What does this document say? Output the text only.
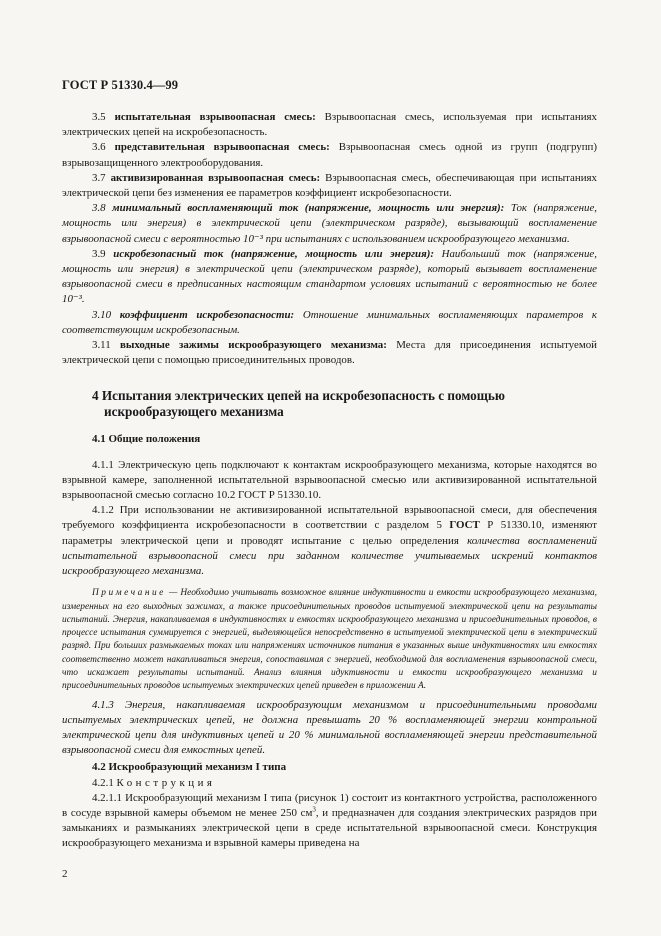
ГОСТ Р 51330.4—99

3.5 испытательная взрывоопасная смесь: Взрывоопасная смесь, используемая при испытаниях электрических цепей на искробезопасность.

3.6 представительная взрывоопасная смесь: Взрывоопасная смесь одной из групп (подгрупп) взрывозащищенного электрооборудования.

3.7 активизированная взрывоопасная смесь: Взрывоопасная смесь, обеспечивающая при испытаниях электрической цепи без изменения ее параметров коэффициент искробезопасности.

3.8 минимальный воспламеняющий ток (напряжение, мощность или энергия): Ток (напряжение, мощность или энергия) в электрической цепи (электрическом разряде), вызывающий воспламенение взрывоопасной смеси с вероятностью 10⁻³ при испытаниях с использованием искрообразующего механизма.

3.9 искробезопасный ток (напряжение, мощность или энергия): Наибольший ток (напряжение, мощность или энергия) в электрической цепи (электрическом разряде), который вызывает воспламенение взрывоопасной смеси в предписанных настоящим стандартом условиях испытаний с вероятностью не более 10⁻³.

3.10 коэффициент искробезопасности: Отношение минимальных воспламеняющих параметров к соответствующим искробезопасным.

3.11 выходные зажимы искрообразующего механизма: Места для присоединения испытуемой электрической цепи с помощью присоединительных проводов.

4 Испытания электрических цепей на искробезопасность с помощью
искрообразующего механизма
4.1 Общие положения

4.1.1 Электрическую цепь подключают к контактам искрообразующего механизма, которые находятся во взрывной камере, заполненной испытательной взрывоопасной смесью или активизированной испытательной взрывоопасной смесью согласно 10.2 ГОСТ Р 51330.10.

4.1.2 При использовании не активизированной испытательной взрывоопасной смеси, для обеспечения требуемого коэффициента искробезопасности в соответствии с разделом 5 ГОСТ Р 51330.10, изменяют параметры электрической цепи и проводят испытание с целью определения количества воспламенений испытательной взрывоопасной смеси при заданном количестве учитываемых искрений контактов искрообразующего механизма.

Примечание — Необходимо учитывать возможное влияние индуктивности и емкости искрообразующего механизма, измеренных на его выходных зажимах, а также присоединительных проводов испытуемой электрической цепи на результаты испытаний. Энергия, накапливаемая в индуктивностях и емкостях искрообразующего механизма и присоединительных проводов, в процессе испытания суммируется с энергией, выделяющейся непосредственно в испытуемой электрической цепи в электрический разряд. При больших размыкаемых токах или напряжениях источников питания в указанных выше индуктивностях или емкостях соответственно может накапливаться энергия, сопоставимая с энергией, необходимой для воспламенения взрывоопасной смеси, что искажает результаты испытаний. Анализ влияния идуктивности и емкости искрообразующего механизма и присоединительных проводов испытуемых электрических цепей приведен в приложении А.

4.1.3 Энергия, накапливаемая искрообразующим механизмом и присоединительными проводами испытуемых электрических цепей, не должна превышать 20 % воспламеняющей энергии контрольной электрической цепи для индуктивных цепей и 20 % минимальной воспламеняющей энергии представительной взрывоопасной смеси для емкостных цепей.

4.2 Искрообразующий механизм I типа

4.2.1 Конструкция

4.2.1.1 Искрообразующий механизм I типа (рисунок 1) состоит из контактного устройства, расположенного в сосуде взрывной камеры объемом не менее 250 $см^3$, и предназначен для создания электрических разрядов при замыканиях и размыканиях электрической цепи в среде испытательной взрывоопасной смеси. Конструкция искрообразующего механизма и взрывной камеры приведена на

2
